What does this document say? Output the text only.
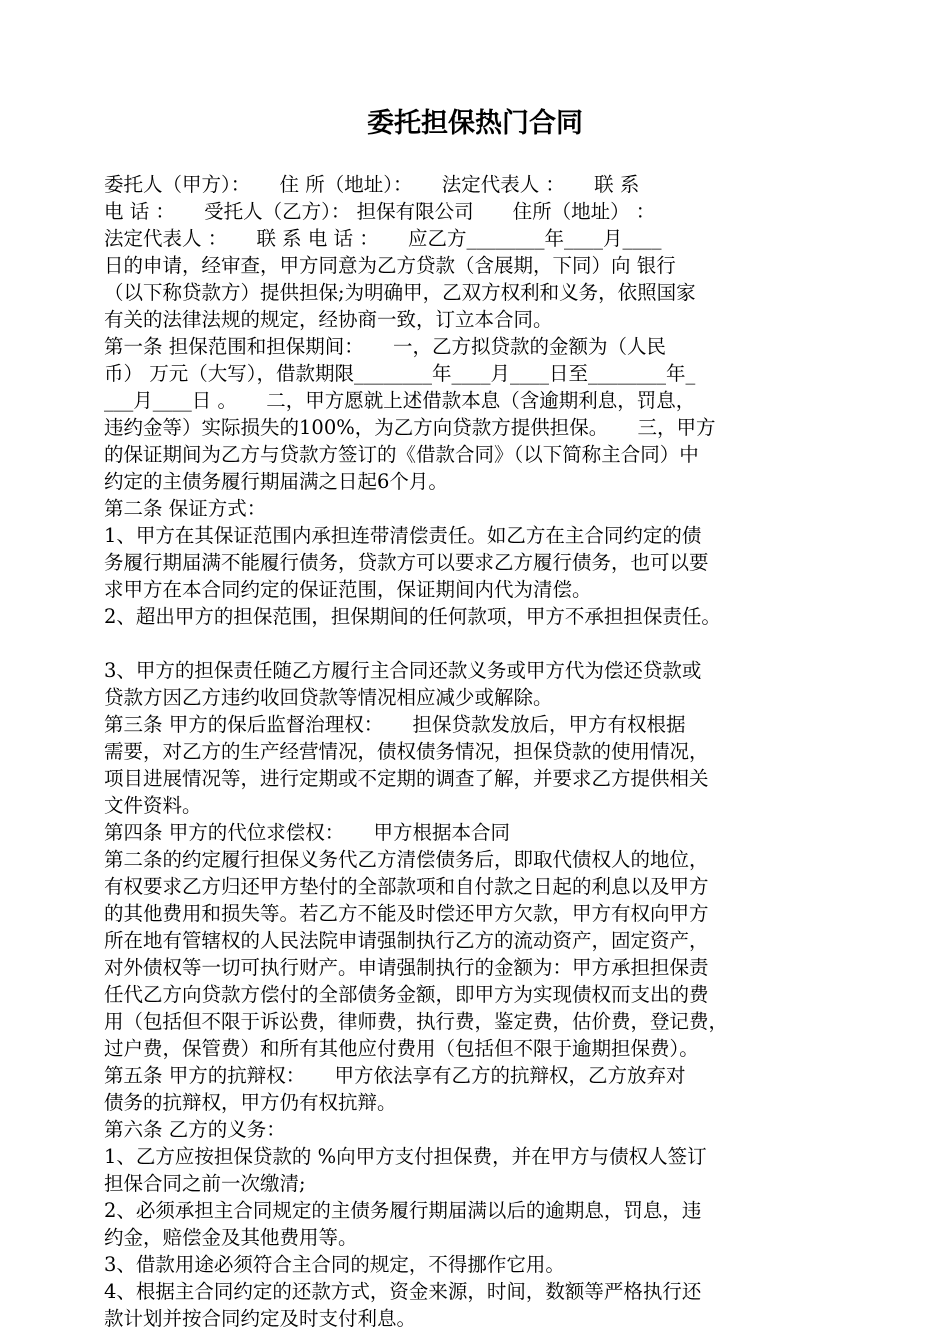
委托担保热门合同
委托人（甲方）：　　住 所（地址）：　　法定代表人 ：　　联 系
电 话 ：　　受托人（乙方）： 担保有限公司　　住所（地址） ：
法定代表人 ：　　联 系 电 话 ：　　应乙方________年____月____
日的申请，经审查，甲方同意为乙方贷款（含展期，下同）向 银行
（以下称贷款方）提供担保;为明确甲，乙双方权利和义务，依照国家
有关的法律法规的规定，经协商一致，订立本合同。
第一条 担保范围和担保期间：　　一，乙方拟贷款的金额为（人民
币） 万元（大写），借款期限________年____月____日至________年_
___月____日 。　　二，甲方愿就上述借款本息（含逾期利息，罚息，
违约金等）实际损失的100%，为乙方向贷款方提供担保。　　三，甲方
的保证期间为乙方与贷款方签订的《借款合同》（以下简称主合同）中
约定的主债务履行期届满之日起6个月。
第二条 保证方式：
1、甲方在其保证范围内承担连带清偿责任。如乙方在主合同约定的债
务履行期届满不能履行债务，贷款方可以要求乙方履行债务，也可以要
求甲方在本合同约定的保证范围，保证期间内代为清偿。
2、超出甲方的担保范围，担保期间的任何款项，甲方不承担担保责任。
3、甲方的担保责任随乙方履行主合同还款义务或甲方代为偿还贷款或
贷款方因乙方违约收回贷款等情况相应减少或解除。
第三条 甲方的保后监督治理权：　　担保贷款发放后，甲方有权根据
需要，对乙方的生产经营情况，债权债务情况，担保贷款的使用情况，
项目进展情况等，进行定期或不定期的调查了解，并要求乙方提供相关
文件资料。
第四条 甲方的代位求偿权：　　甲方根据本合同
第二条的约定履行担保义务代乙方清偿债务后，即取代债权人的地位，
有权要求乙方归还甲方垫付的全部款项和自付款之日起的利息以及甲方
的其他费用和损失等。若乙方不能及时偿还甲方欠款，甲方有权向甲方
所在地有管辖权的人民法院申请强制执行乙方的流动资产，固定资产，
对外债权等一切可执行财产。申请强制执行的金额为：甲方承担担保责
任代乙方向贷款方偿付的全部债务金额，即甲方为实现债权而支出的费
用（包括但不限于诉讼费，律师费，执行费，鉴定费，估价费，登记费，
过户费，保管费）和所有其他应付费用（包括但不限于逾期担保费）。
第五条 甲方的抗辩权：　　甲方依法享有乙方的抗辩权，乙方放弃对
债务的抗辩权，甲方仍有权抗辩。
第六条 乙方的义务：
1、乙方应按担保贷款的 %向甲方支付担保费，并在甲方与债权人签订
担保合同之前一次缴清;
2、必须承担主合同规定的主债务履行期届满以后的逾期息，罚息，违
约金，赔偿金及其他费用等。
3、借款用途必须符合主合同的规定，不得挪作它用。
4、根据主合同约定的还款方式，资金来源，时间，数额等严格执行还
款计划并按合同约定及时支付利息。
